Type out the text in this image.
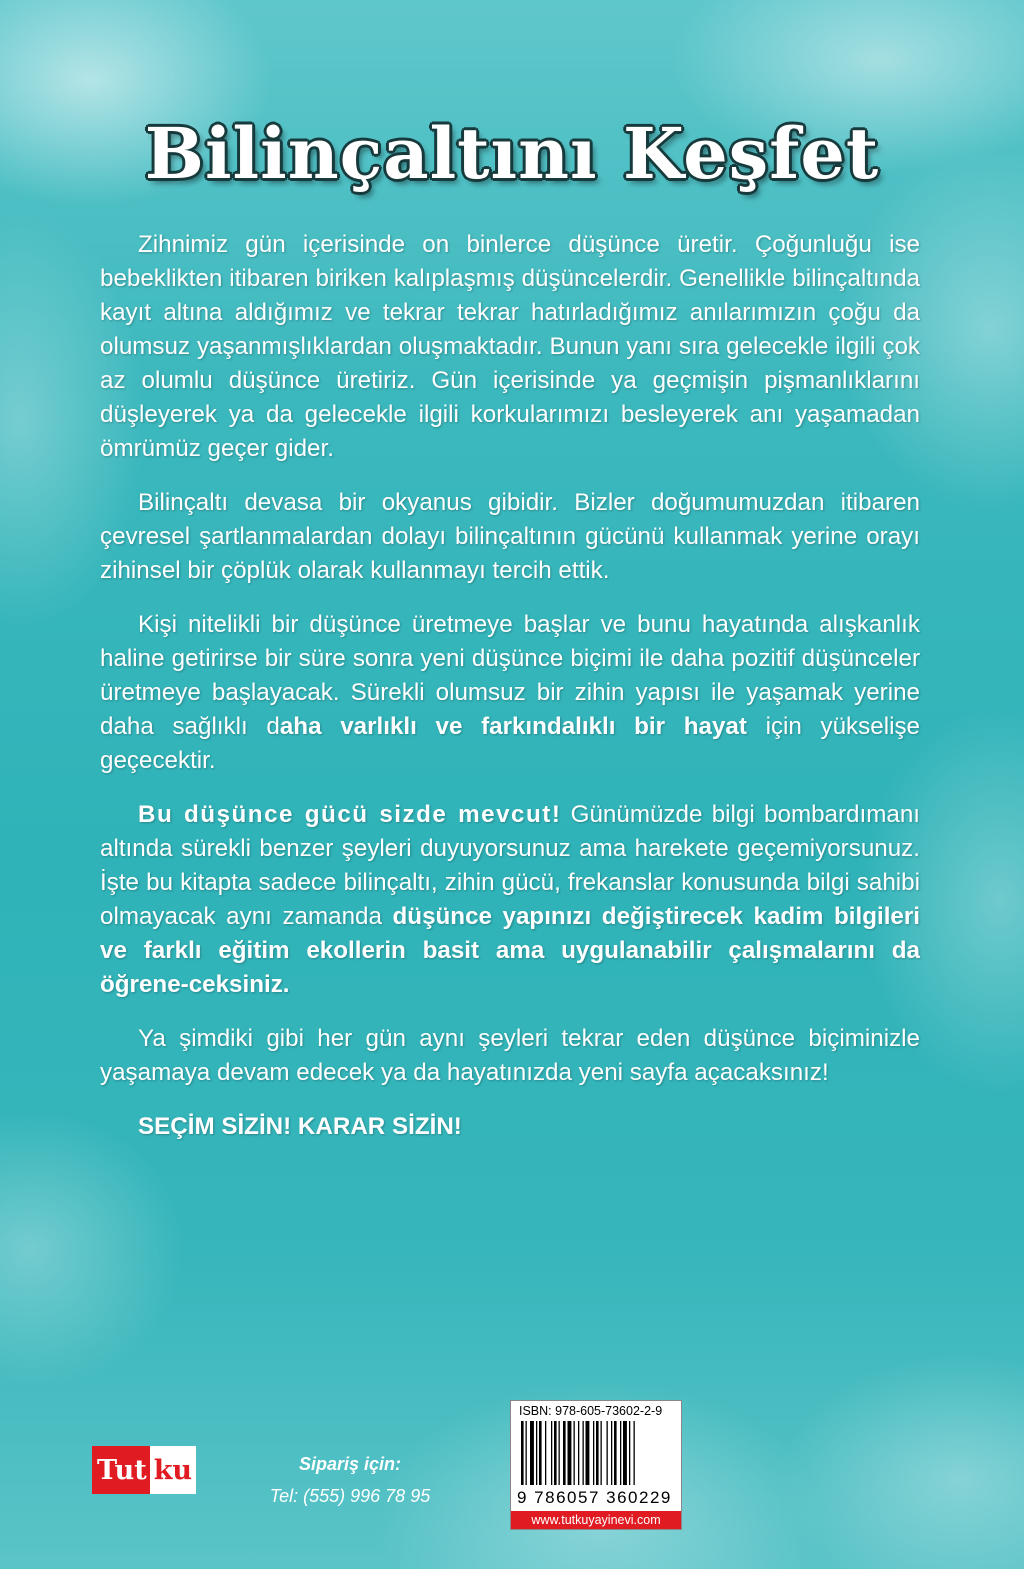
Bilinçaltını Keşfet

Zihnimiz gün içerisinde on binlerce düşünce üretir. Çoğunluğu ise bebeklikten itibaren biriken kalıplaşmış düşüncelerdir. Genellikle bilinçaltında kayıt altına aldığımız ve tekrar tekrar hatırladığımız anılarımızın çoğu da olumsuz yaşanmışlıklardan oluşmaktadır. Bunun yanı sıra gelecekle ilgili çok az olumlu düşünce üretiriz. Gün içerisinde ya geçmişin pişmanlıklarını düşleyerek ya da gelecekle ilgili korkularımızı besleyerek anı yaşamadan ömrümüz geçer gider.

Bilinçaltı devasa bir okyanus gibidir. Bizler doğumumuzdan itibaren çevresel şartlanmalardan dolayı bilinçaltının gücünü kullanmak yerine orayı zihinsel bir çöplük olarak kullanmayı tercih ettik.

Kişi nitelikli bir düşünce üretmeye başlar ve bunu hayatında alışkanlık haline getirirse bir süre sonra yeni düşünce biçimi ile daha pozitif düşünceler üretmeye başlayacak. Sürekli olumsuz bir zihin yapısı ile yaşamak yerine daha sağlıklı daha varlıklı ve farkındalıklı bir hayat için yükselişe geçecektir.

Bu düşünce gücü sizde mevcut! Günümüzde bilgi bombardımanı altında sürekli benzer şeyleri duyuyorsunuz ama harekete geçemiyorsunuz. İşte bu kitapta sadece bilinçaltı, zihin gücü, frekanslar konusunda bilgi sahibi olmayacak aynı zamanda düşünce yapınızı değiştirecek kadim bilgileri ve farklı eğitim ekollerin basit ama uygulanabilir çalışmalarını da öğrene-ceksiniz.

Ya şimdiki gibi her gün aynı şeyleri tekrar eden düşünce biçiminizle yaşamaya devam edecek ya da hayatınızda yeni sayfa açacaksınız!

SEÇİM SİZİN! KARAR SİZİN!

Tut ku	Sipariş için:
Tel: (555) 996 78 95
ISBN: 978-605-73602-2-9
9 786057 360229
www.tutkuyayinevi.com
